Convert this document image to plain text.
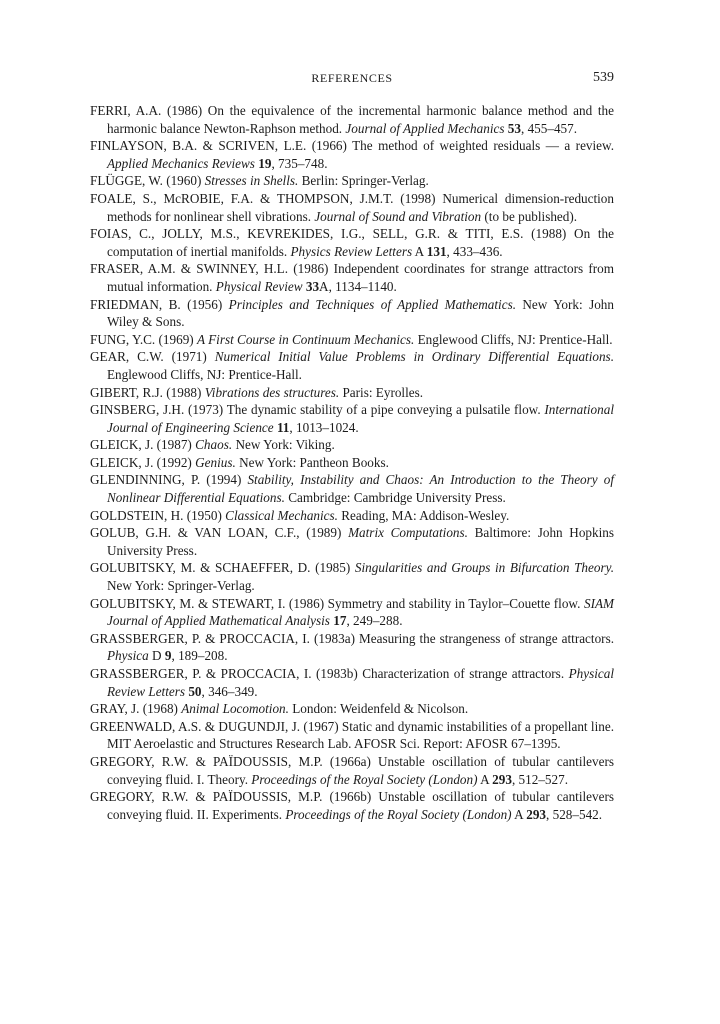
REFERENCES	539
FERRI, A.A. (1986) On the equivalence of the incremental harmonic balance method and the harmonic balance Newton-Raphson method. Journal of Applied Mechanics 53, 455–457.
FINLAYSON, B.A. & SCRIVEN, L.E. (1966) The method of weighted residuals — a review. Applied Mechanics Reviews 19, 735–748.
FLÜGGE, W. (1960) Stresses in Shells. Berlin: Springer-Verlag.
FOALE, S., McROBIE, F.A. & THOMPSON, J.M.T. (1998) Numerical dimension-reduction methods for nonlinear shell vibrations. Journal of Sound and Vibration (to be published).
FOIAS, C., JOLLY, M.S., KEVREKIDES, I.G., SELL, G.R. & TITI, E.S. (1988) On the computation of inertial manifolds. Physics Review Letters A 131, 433–436.
FRASER, A.M. & SWINNEY, H.L. (1986) Independent coordinates for strange attractors from mutual information. Physical Review 33A, 1134–1140.
FRIEDMAN, B. (1956) Principles and Techniques of Applied Mathematics. New York: John Wiley & Sons.
FUNG, Y.C. (1969) A First Course in Continuum Mechanics. Englewood Cliffs, NJ: Prentice-Hall.
GEAR, C.W. (1971) Numerical Initial Value Problems in Ordinary Differential Equations. Englewood Cliffs, NJ: Prentice-Hall.
GIBERT, R.J. (1988) Vibrations des structures. Paris: Eyrolles.
GINSBERG, J.H. (1973) The dynamic stability of a pipe conveying a pulsatile flow. International Journal of Engineering Science 11, 1013–1024.
GLEICK, J. (1987) Chaos. New York: Viking.
GLEICK, J. (1992) Genius. New York: Pantheon Books.
GLENDINNING, P. (1994) Stability, Instability and Chaos: An Introduction to the Theory of Nonlinear Differential Equations. Cambridge: Cambridge University Press.
GOLDSTEIN, H. (1950) Classical Mechanics. Reading, MA: Addison-Wesley.
GOLUB, G.H. & VAN LOAN, C.F., (1989) Matrix Computations. Baltimore: John Hopkins University Press.
GOLUBITSKY, M. & SCHAEFFER, D. (1985) Singularities and Groups in Bifurcation Theory. New York: Springer-Verlag.
GOLUBITSKY, M. & STEWART, I. (1986) Symmetry and stability in Taylor–Couette flow. SIAM Journal of Applied Mathematical Analysis 17, 249–288.
GRASSBERGER, P. & PROCCACIA, I. (1983a) Measuring the strangeness of strange attractors. Physica D 9, 189–208.
GRASSBERGER, P. & PROCCACIA, I. (1983b) Characterization of strange attractors. Physical Review Letters 50, 346–349.
GRAY, J. (1968) Animal Locomotion. London: Weidenfeld & Nicolson.
GREENWALD, A.S. & DUGUNDJI, J. (1967) Static and dynamic instabilities of a propellant line. MIT Aeroelastic and Structures Research Lab. AFOSR Sci. Report: AFOSR 67–1395.
GREGORY, R.W. & PAÏDOUSSIS, M.P. (1966a) Unstable oscillation of tubular cantilevers conveying fluid. I. Theory. Proceedings of the Royal Society (London) A 293, 512–527.
GREGORY, R.W. & PAÏDOUSSIS, M.P. (1966b) Unstable oscillation of tubular cantilevers conveying fluid. II. Experiments. Proceedings of the Royal Society (London) A 293, 528–542.
